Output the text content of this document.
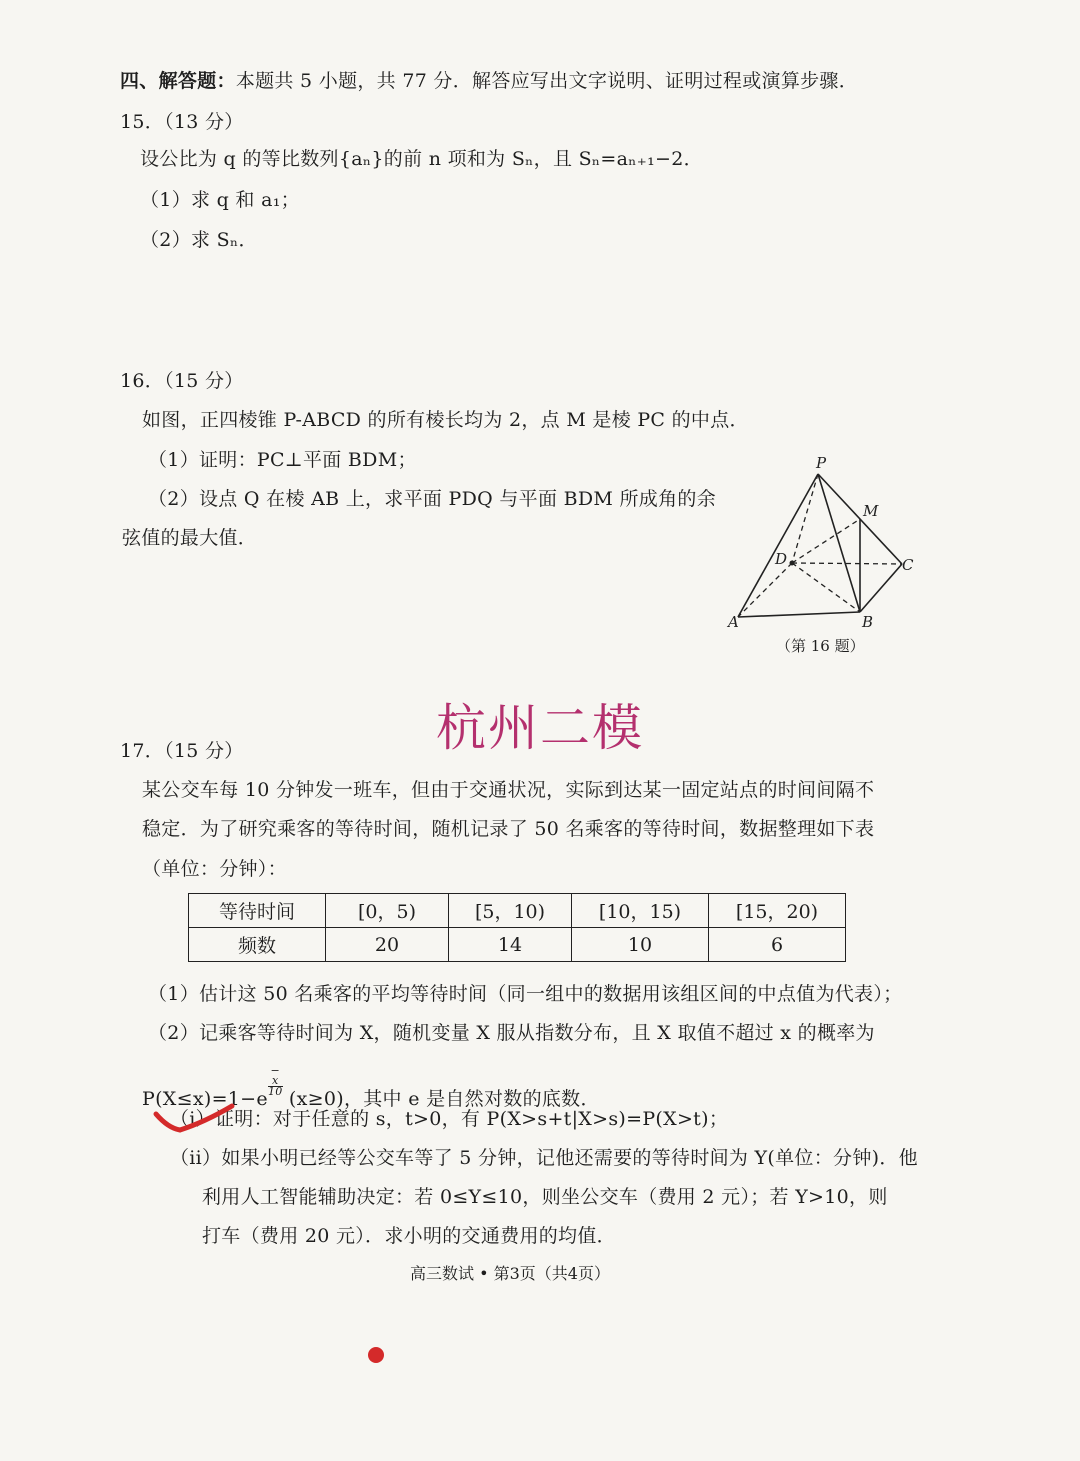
四、解答题：本题共 5 小题，共 77 分．解答应写出文字说明、证明过程或演算步骤．
15．（13 分）
设公比为 q 的等比数列{aₙ}的前 n 项和为 Sₙ，且 Sₙ=aₙ₊₁−2．
（1）求 q 和 a₁；
（2）求 Sₙ．
16．（15 分）
如图，正四棱锥 P-ABCD 的所有棱长均为 2，点 M 是棱 PC 的中点．
（1）证明：PC⊥平面 BDM；
（2）设点 Q 在棱 AB 上，求平面 PDQ 与平面 BDM 所成角的余
弦值的最大值．
P
M
D	C
A	B
（第 16 题）
杭州二模
17．（15 分）
某公交车每 10 分钟发一班车，但由于交通状况，实际到达某一固定站点的时间间隔不
稳定．为了研究乘客的等待时间，随机记录了 50 名乘客的等待时间，数据整理如下表
（单位：分钟）：
等待时间	[0，5)	[5，10)	[10，15)	[15，20)
频数	20	14	10	6
（1）估计这 50 名乘客的平均等待时间（同一组中的数据用该组区间的中点值为代表）；
（2）记乘客等待时间为 X，随机变量 X 服从指数分布，且 X 取值不超过 x 的概率为
P(X≤x)=1−e−
x
10 (x≥0)，其中 e 是自然对数的底数．
（i）证明：对于任意的 s，t>0，有 P(X>s+t|X>s)=P(X>t)；
（ii）如果小明已经等公交车等了 5 分钟，记他还需要的等待时间为 Y(单位：分钟)．他
利用人工智能辅助决定：若 0≤Y≤10，则坐公交车（费用 2 元）；若 Y>10，则
打车（费用 20 元）．求小明的交通费用的均值．
高三数试 • 第3页（共4页）
